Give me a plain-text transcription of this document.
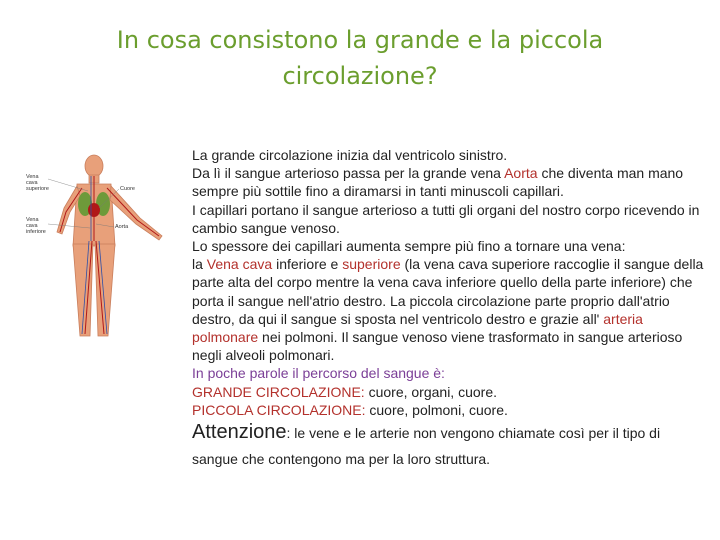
In cosa consistono la grande e la piccola circolazione?
Vena cava superiore	Cuore
Vena cava inferiore
Aorta

La grande circolazione inizia dal ventricolo sinistro.

Da lì il sangue arterioso passa per la grande vena Aorta che diventa man mano sempre più sottile fino a diramarsi in tanti minuscoli capillari.

I capillari portano il sangue arterioso a tutti gli organi del nostro corpo ricevendo in cambio sangue venoso.

Lo spessore dei capillari aumenta sempre più fino a tornare una vena:

la Vena cava inferiore e superiore (la vena cava superiore raccoglie il sangue della parte alta del corpo mentre la vena cava inferiore quello della parte inferiore) che porta il sangue nell'atrio destro. La piccola circolazione parte proprio dall'atrio destro, da qui il sangue si sposta nel ventricolo destro e grazie all' arteria polmonare nei polmoni. Il sangue venoso viene trasformato in sangue arterioso negli alveoli polmonari.

In poche parole il percorso del sangue è:

GRANDE CIRCOLAZIONE: cuore, organi, cuore.

PICCOLA CIRCOLAZIONE: cuore, polmoni, cuore.

Attenzione: le vene e le arterie non vengono chiamate così per il tipo di sangue che contengono ma per la loro struttura.
